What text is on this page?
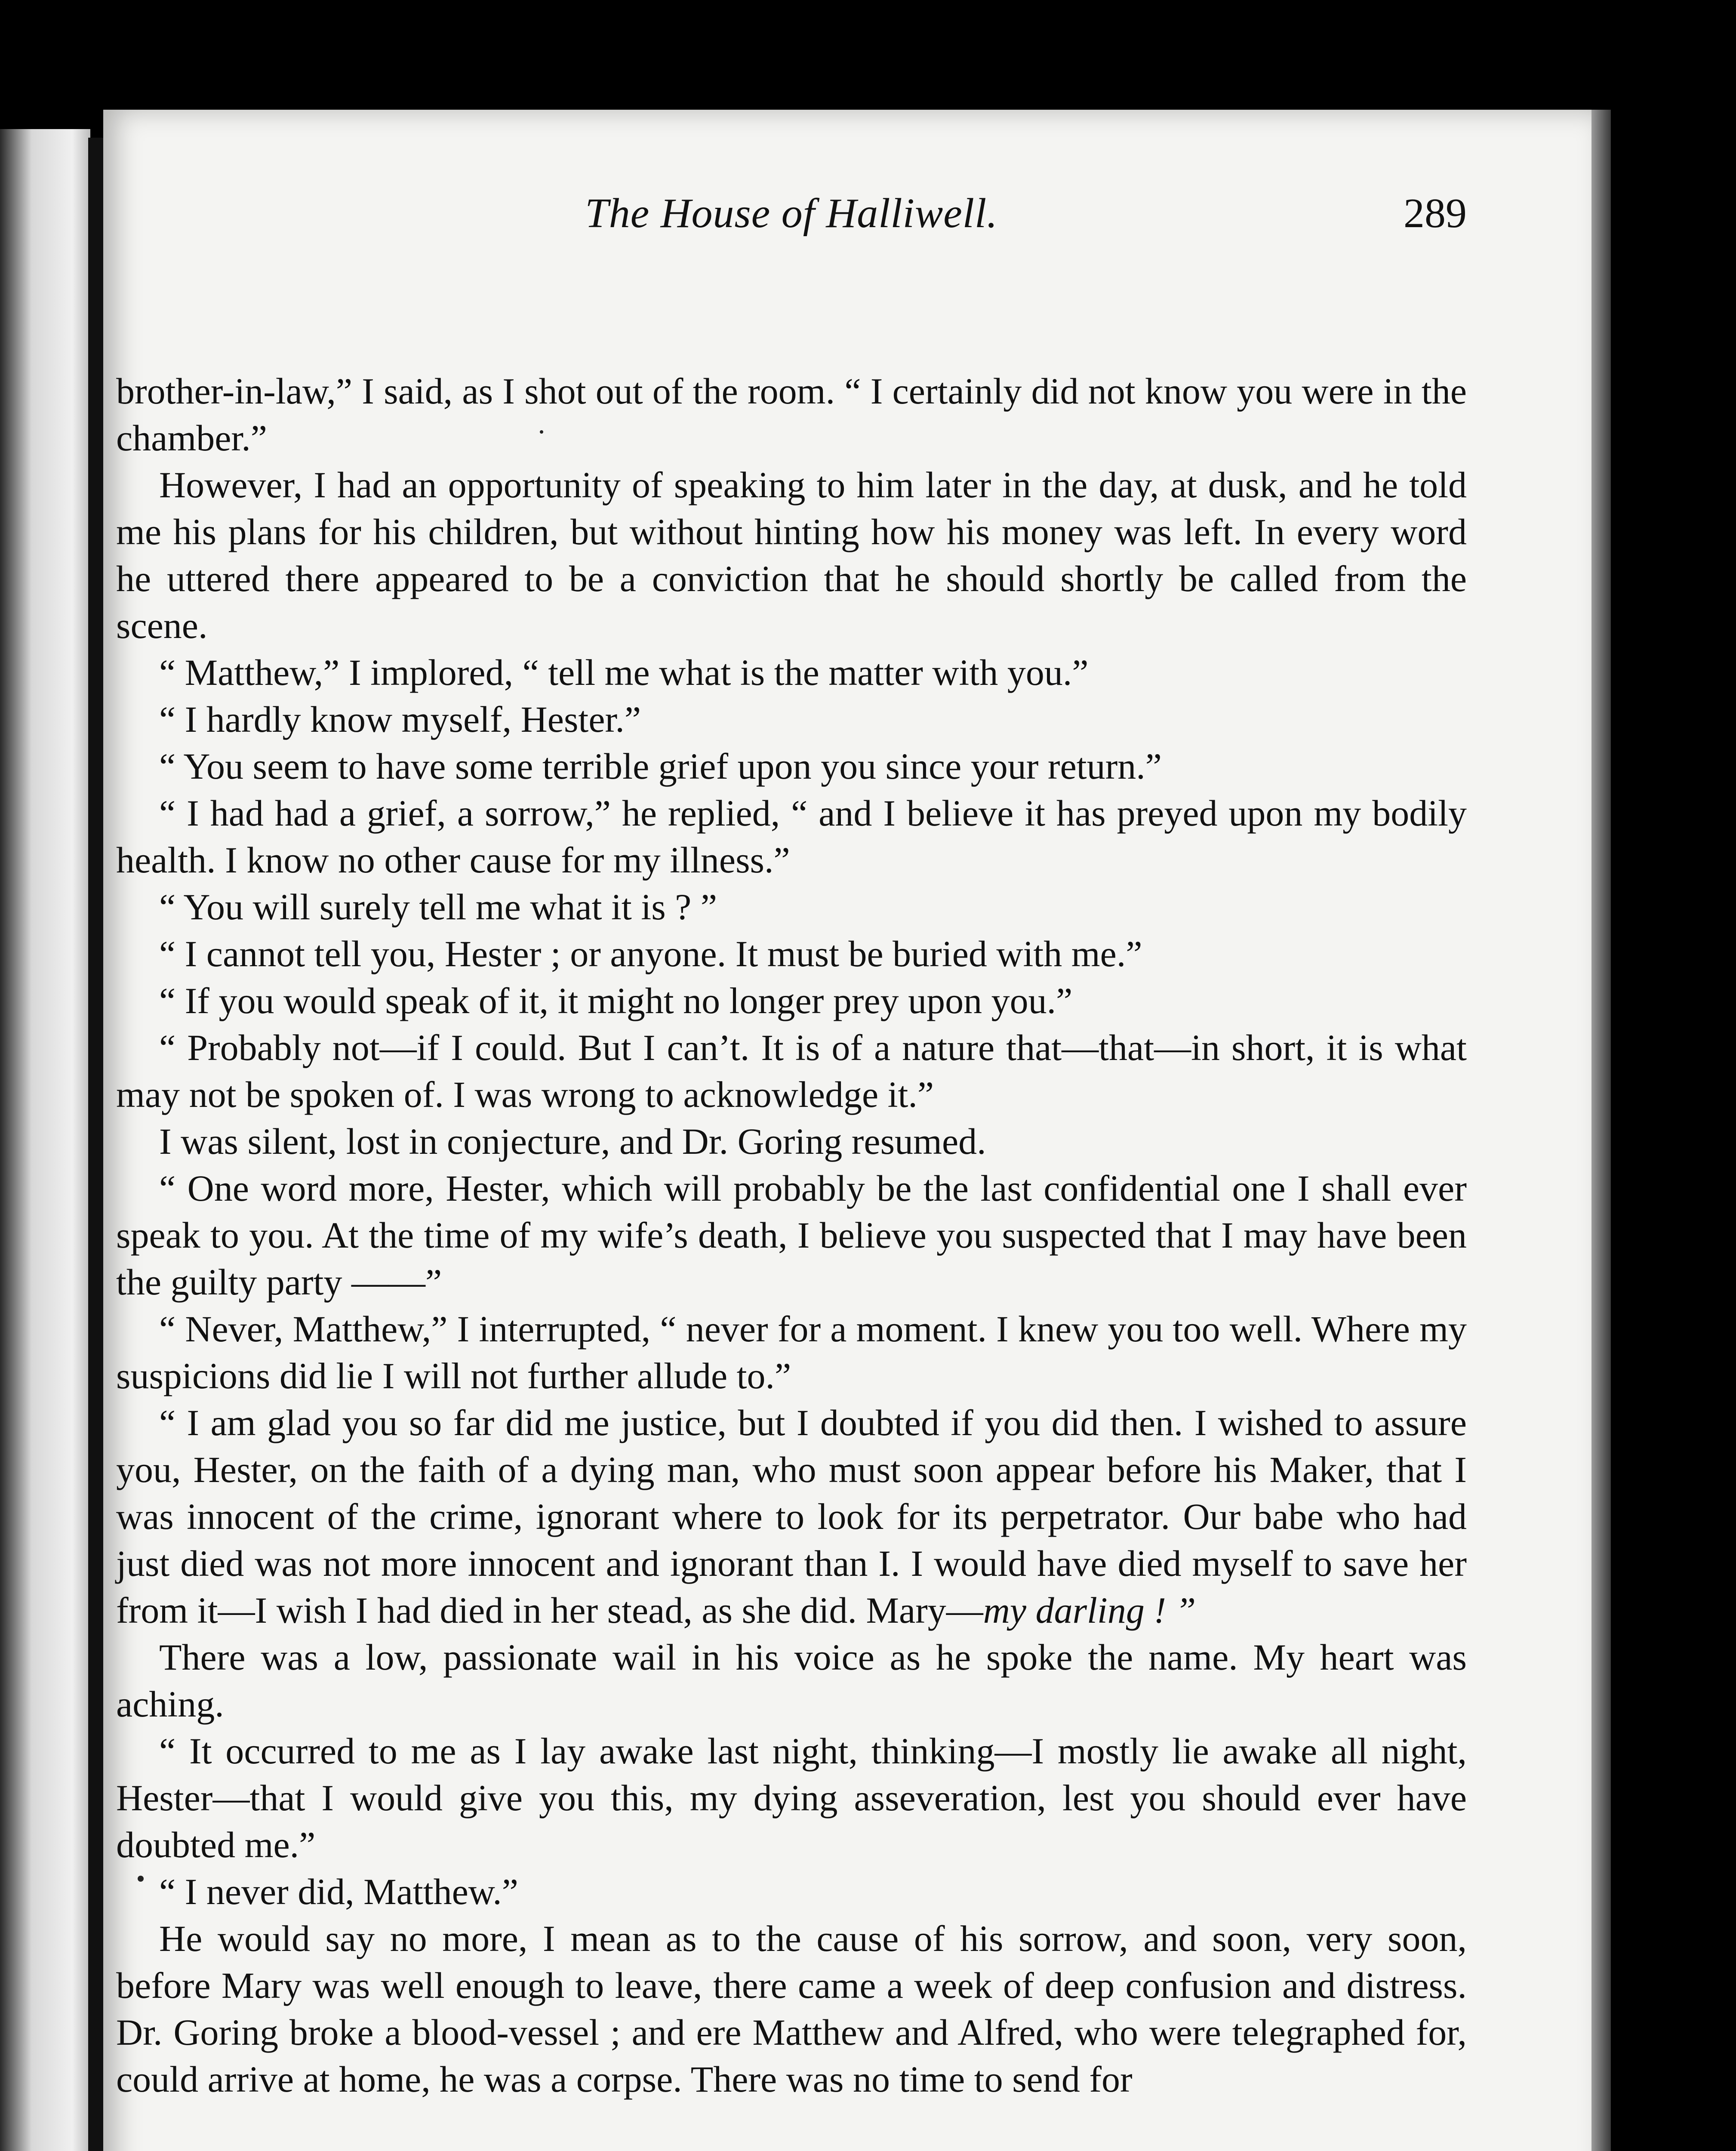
The House of Halliwell.	289

brother-in-law,” I said, as I shot out of the room. “ I certainly did not know you were in the chamber.”

However, I had an opportunity of speaking to him later in the day, at dusk, and he told me his plans for his children, but without hinting how his money was left. In every word he uttered there appeared to be a conviction that he should shortly be called from the scene.

“ Matthew,” I implored, “ tell me what is the matter with you.”

“ I hardly know myself, Hester.”

“ You seem to have some terrible grief upon you since your return.”

“ I had had a grief, a sorrow,” he replied, “ and I believe it has preyed upon my bodily health. I know no other cause for my illness.”

“ You will surely tell me what it is ? ”

“ I cannot tell you, Hester ; or anyone. It must be buried with me.”

“ If you would speak of it, it might no longer prey upon you.”

“ Probably not—if I could. But I can’t. It is of a nature that—that—in short, it is what may not be spoken of. I was wrong to acknowledge it.”

I was silent, lost in conjecture, and Dr. Goring resumed.

“ One word more, Hester, which will probably be the last confidential one I shall ever speak to you. At the time of my wife’s death, I believe you suspected that I may have been the guilty party ——”

“ Never, Matthew,” I interrupted, “ never for a moment. I knew you too well. Where my suspicions did lie I will not further allude to.”

“ I am glad you so far did me justice, but I doubted if you did then. I wished to assure you, Hester, on the faith of a dying man, who must soon appear before his Maker, that I was innocent of the crime, ignorant where to look for its perpetrator. Our babe who had just died was not more innocent and ignorant than I. I would have died myself to save her from it—I wish I had died in her stead, as she did. Mary—my darling ! ”

There was a low, passionate wail in his voice as he spoke the name. My heart was aching.

“ It occurred to me as I lay awake last night, thinking—I mostly lie awake all night, Hester—that I would give you this, my dying asseveration, lest you should ever have doubted me.”

“ I never did, Matthew.”

He would say no more, I mean as to the cause of his sorrow, and soon, very soon, before Mary was well enough to leave, there came a week of deep confusion and distress. Dr. Goring broke a blood-vessel ; and ere Matthew and Alfred, who were telegraphed for, could arrive at home, he was a corpse. There was no time to send for
